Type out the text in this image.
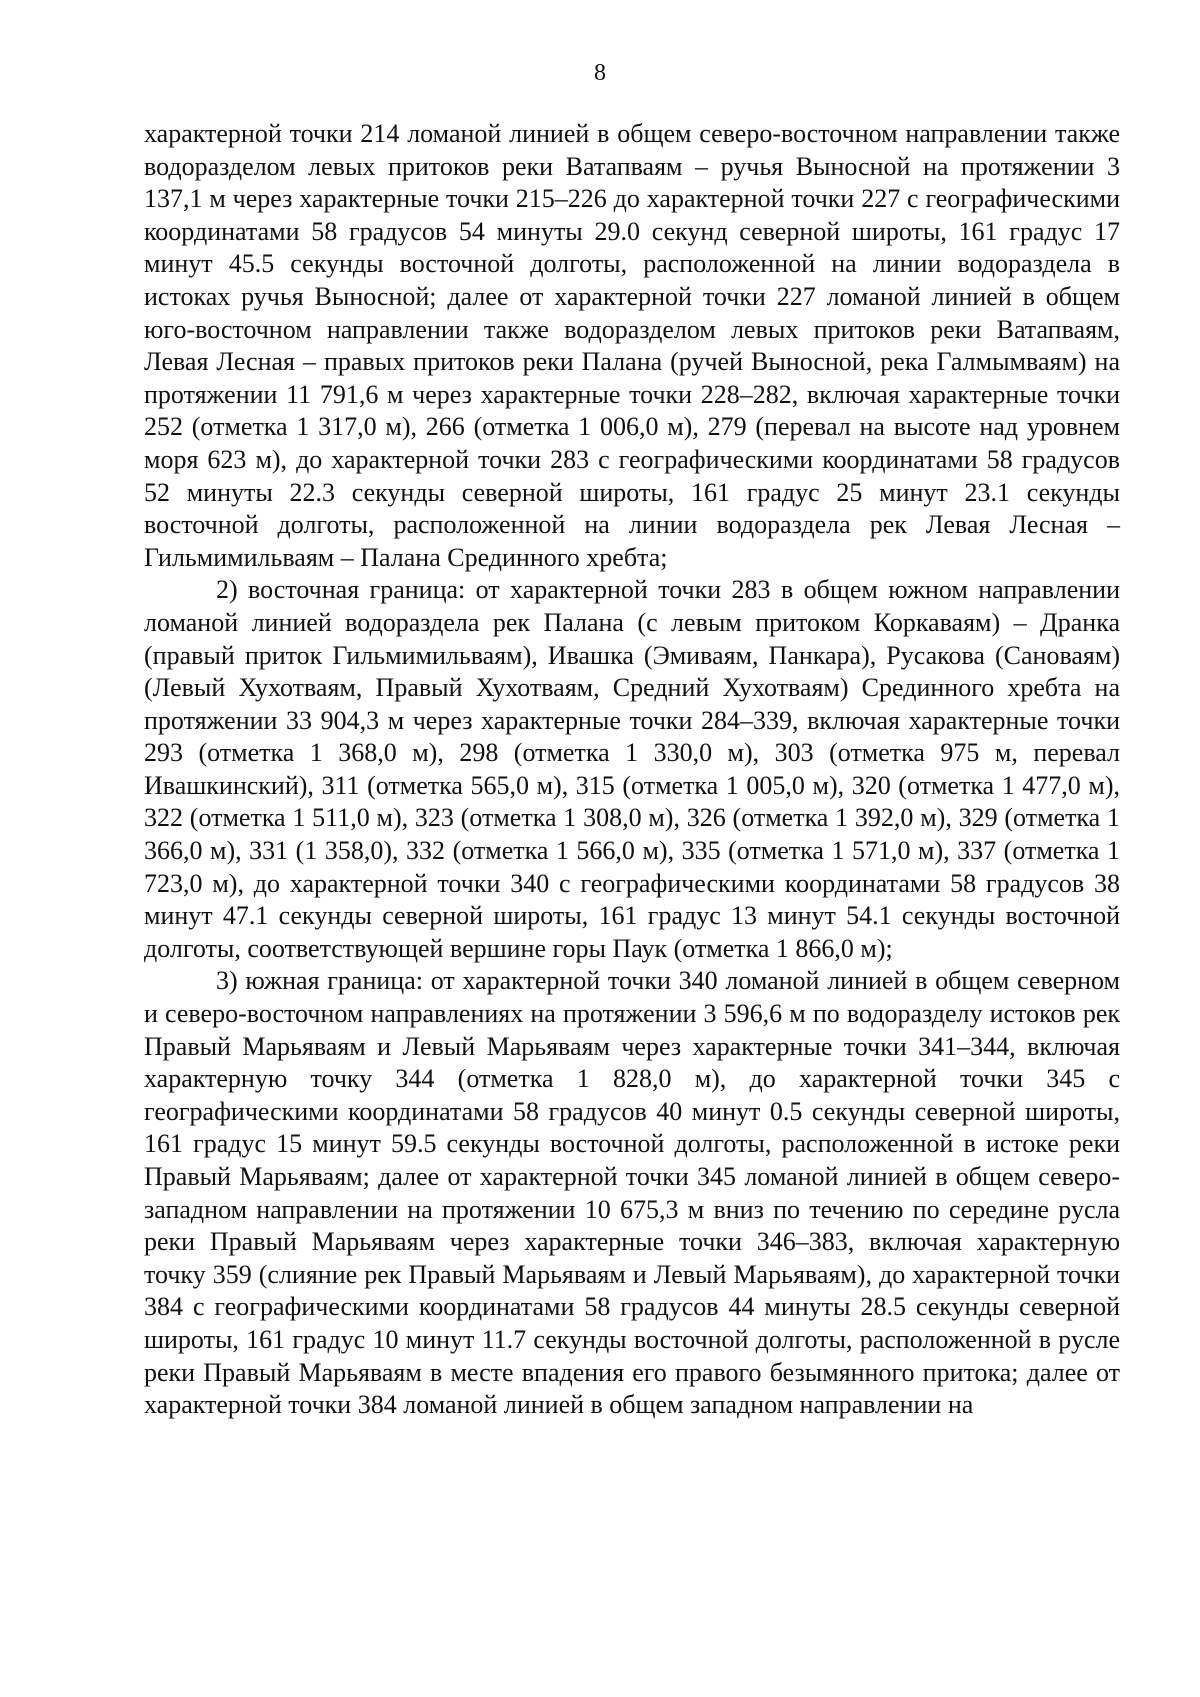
8

характерной точки 214 ломаной линией в общем северо-восточном направлении также водоразделом левых притоков реки Ватапваям – ручья Выносной на протяжении 3 137,1 м через характерные точки 215–226 до характерной точки 227 с географическими координатами 58 градусов 54 минуты 29.0 секунд северной широты, 161 градус 17 минут 45.5 секунды восточной долготы, расположенной на линии водораздела в истоках ручья Выносной; далее от характерной точки 227 ломаной линией в общем юго-восточном направлении также водоразделом левых притоков реки Ватапваям, Левая Лесная – правых притоков реки Палана (ручей Выносной, река Галмымваям) на протяжении 11 791,6 м через характерные точки 228–282, включая характерные точки 252 (отметка 1 317,0 м), 266 (отметка 1 006,0 м), 279 (перевал на высоте над уровнем моря 623 м), до характерной точки 283 с географическими координатами 58 градусов 52 минуты 22.3 секунды северной широты, 161 градус 25 минут 23.1 секунды восточной долготы, расположенной на линии водораздела рек Левая Лесная – Гильмимильваям – Палана Срединного хребта;

2) восточная граница: от характерной точки 283 в общем южном направлении ломаной линией водораздела рек Палана (с левым притоком Коркаваям) – Дранка (правый приток Гильмимильваям), Ивашка (Эмиваям, Панкара), Русакова (Сановаям) (Левый Хухотваям, Правый Хухотваям, Средний Хухотваям) Срединного хребта на протяжении 33 904,3 м через характерные точки 284–339, включая характерные точки 293 (отметка 1 368,0 м), 298 (отметка 1 330,0 м), 303 (отметка 975 м, перевал Ивашкинский), 311 (отметка 565,0 м), 315 (отметка 1 005,0 м), 320 (отметка 1 477,0 м), 322 (отметка 1 511,0 м), 323 (отметка 1 308,0 м), 326 (отметка 1 392,0 м), 329 (отметка 1 366,0 м), 331 (1 358,0), 332 (отметка 1 566,0 м), 335 (отметка 1 571,0 м), 337 (отметка 1 723,0 м), до характерной точки 340 с географическими координатами 58 градусов 38 минут 47.1 секунды северной широты, 161 градус 13 минут 54.1 секунды восточной долготы, соответствующей вершине горы Паук (отметка 1 866,0 м);

3) южная граница: от характерной точки 340 ломаной линией в общем северном и северо-восточном направлениях на протяжении 3 596,6 м по водоразделу истоков рек Правый Марьяваям и Левый Марьяваям через характерные точки 341–344, включая характерную точку 344 (отметка 1 828,0 м), до характерной точки 345 с географическими координатами 58 градусов 40 минут 0.5 секунды северной широты, 161 градус 15 минут 59.5 секунды восточной долготы, расположенной в истоке реки Правый Марьяваям; далее от характерной точки 345 ломаной линией в общем северо-западном направлении на протяжении 10 675,3 м вниз по течению по середине русла реки Правый Марьяваям через характерные точки 346–383, включая характерную точку 359 (слияние рек Правый Марьяваям и Левый Марьяваям), до характерной точки 384 с географическими координатами 58 градусов 44 минуты 28.5 секунды северной широты, 161 градус 10 минут 11.7 секунды восточной долготы, расположенной в русле реки Правый Марьяваям в месте впадения его правого безымянного притока; далее от характерной точки 384 ломаной линией в общем западном направлении на
